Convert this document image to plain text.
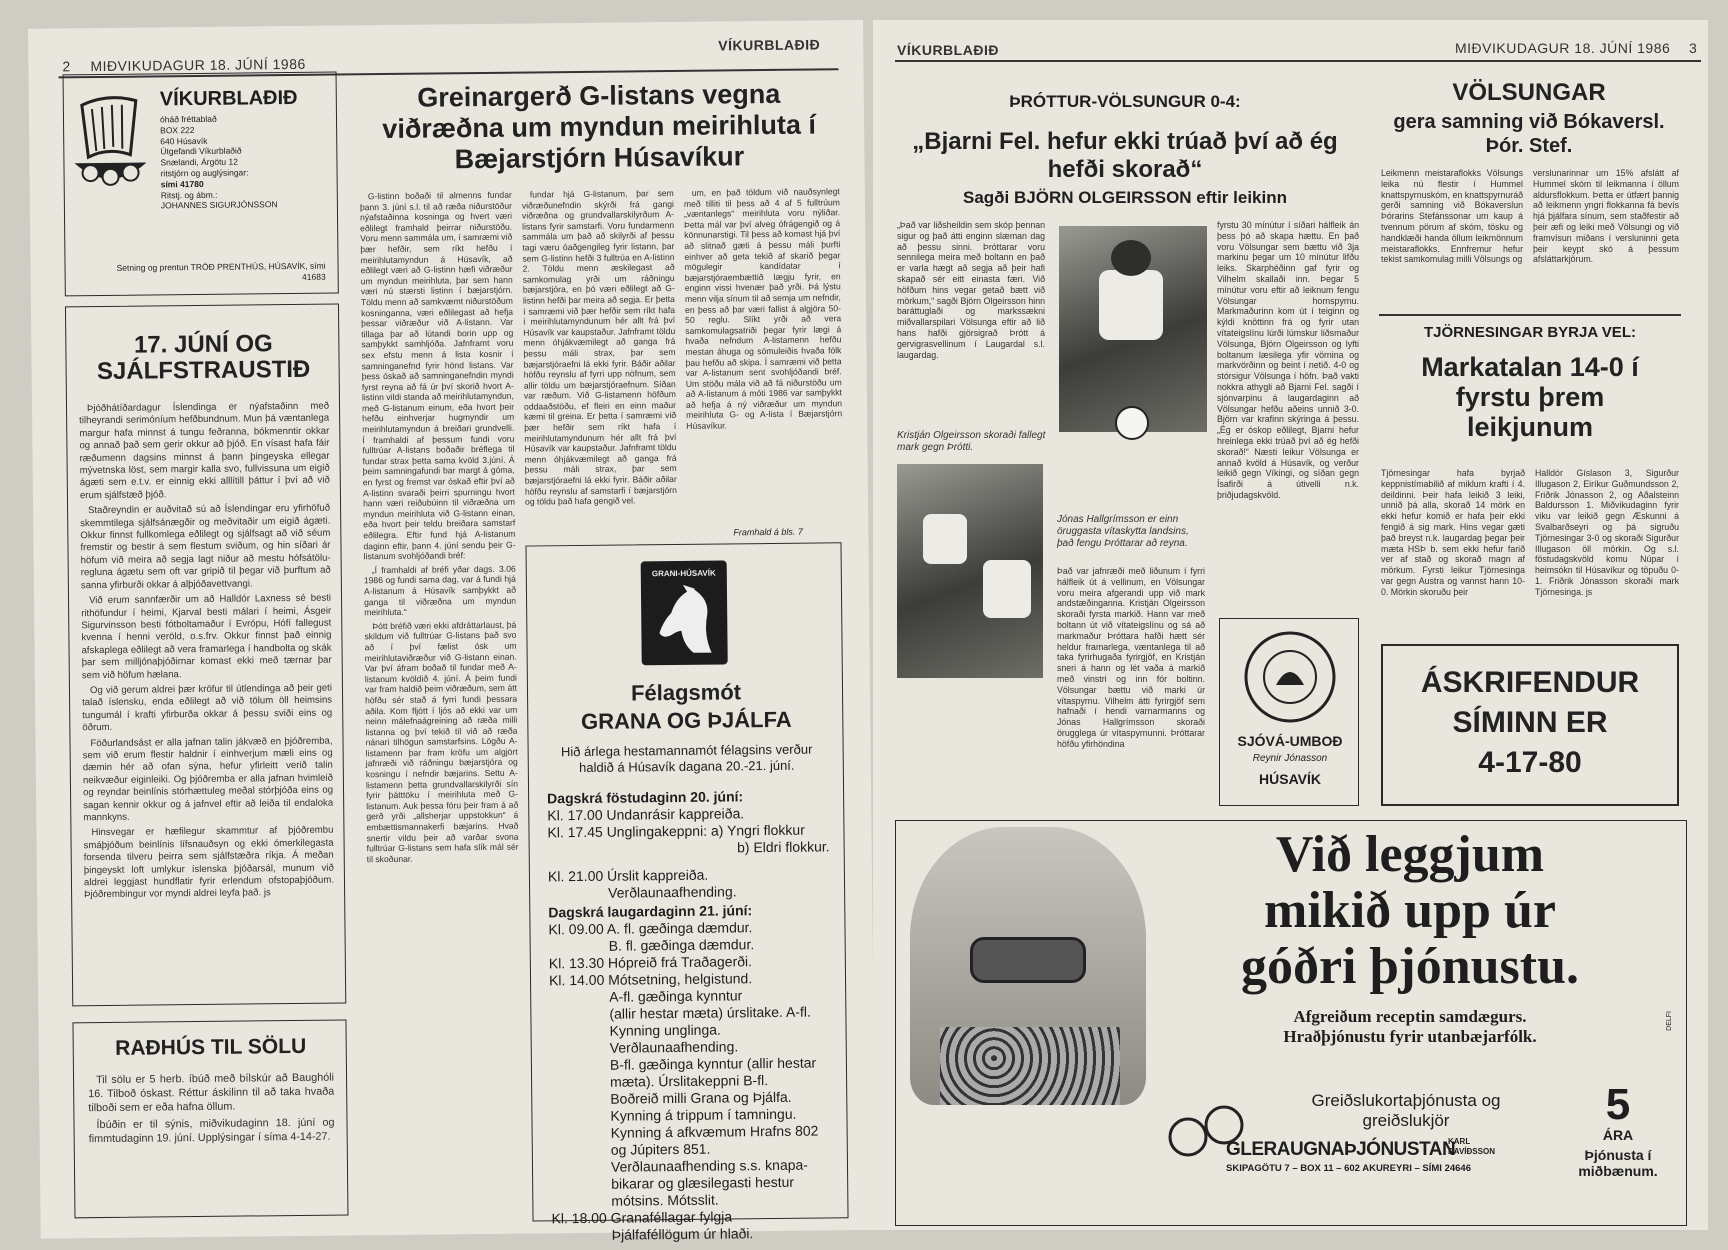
2 MIÐVIKUDAGUR 18. JÚNÍ 1986
VÍKURBLAÐIÐ
VÍKURBLAÐIÐ
óháð fréttablað
BOX 222
640 Húsavík
Útgefandi Víkurblaðið
Snælandi, Árgötu 12
ritstjórn og auglýsingar:
sími 41780
Ritstj. og ábm.:
JOHANNES SIGURJÓNSSON
Setning og prentun TRÖÐ PRENTHÚS, HÚSAVÍK, sími 41683
17. JÚNÍ OG SJÁLFSTRAUSTIÐ

Þjóðhátíðardagur Íslendinga er nýafstaðinn með tilheyrandi serimóníum hefðbundnum. Mun þá væntanlega margur hafa minnst á tungu feðranna, bókmenntir okkar og annað það sem gerir okkur að þjóð. En vísast hafa fáir ræðumenn dagsins minnst á þann þingeyska ellegar mývetnska löst, sem margir kalla svo, fullvissuna um eigið ágæti sem e.t.v. er einnig ekki alllítill þáttur í því að við erum sjálfstæð þjóð.

Staðreyndin er auðvitað sú að Íslendingar eru yfirhöfuð skemmtilega sjálfsánægðir og meðvitaðir um eigið ágæti. Okkur finnst fullkomlega eðlilegt og sjálfsagt að við séum fremstir og bestir á sem flestum sviðum, og hin síðari ár höfum við meira að segja lagt niður að mestu hófsátölu-regluna ágætu sem oft var gripið til þegar við þurftum að sanna yfirburði okkar á alþjóðavettvangi.

Við erum sannfærðir um að Halldór Laxness sé besti rithöfundur í heimi, Kjarval besti málari í heimi, Ásgeir Sigurvinsson besti fótboltamaður í Evrópu, Hófí fallegust kvenna í henni veröld, o.s.frv. Okkur finnst það einnig afskaplega eðlilegt að vera framarlega í handbolta og skák þar sem milljónaþjóðirnar komast ekki með tærnar þar sem við höfum hælana.

Og við gerum aldrei þær kröfur til útlendinga að þeir geti talað íslensku, enda eðlilegt að við tölum öll heimsins tungumál í krafti yfirburða okkar á þessu sviði eins og öðrum.

Föðurlandsást er alla jafnan talin jákvæð en þjóðremba, sem við erum flestir haldnir í einhverjum mæli eins og dæmin hér að ofan sýna, hefur yfirleitt verið talin neikvæður eiginleiki. Og þjóðremba er alla jafnan hvimleið og reyndar beinlínis stórhættuleg meðal stórþjóða eins og sagan kennir okkur og á jafnvel eftir að leiða til endaloka mannkyns.

Hinsvegar er hæfilegur skammtur af þjóðrembu smáþjóðum beinlínis lífsnauðsyn og ekki ómerkilegasta forsenda tilveru þeirra sem sjálfstæðra ríkja. Á meðan þingeyskt loft umlykur íslenska þjóðarsál, munum við aldrei leggjast hundflatir fyrir erlendum ofstopaþjóðum. Þjóðrembingur vor myndi aldrei leyfa það. js

RAÐHÚS TIL SÖLU

Til sölu er 5 herb. íbúð með bílskúr að Baughóli 16. Tilboð óskast. Réttur áskilinn til að taka hvaða tilboði sem er eða hafna öllum.

Íbúðin er til sýnis, miðvikudaginn 18. júní og fimmtudaginn 19. júní. Upplýsingar í síma 4-14-27.

Greinargerð G-listans vegna viðræðna um myndun meirihluta í Bæjarstjórn Húsavíkur

G-listinn boðaði til almenns fundar þann 3. júní s.l. til að ræða niðurstöður nýafstaðinna kosninga og hvert væri eðlilegt framhald þeirrar niðurstöðu. Voru menn sammála um, í samræmi við þær hefðir, sem ríkt hefðu í meirihlutamyndun á Húsavík, að eðlilegt væri að G-listinn hæfi viðræður um myndun meirihluta, þar sem hann væri nú stærsti listinn í bæjarstjórn. Töldu menn að samkvæmt niðurstöðum kosninganna, væri eðlilegast að hefja þessar viðræður við A-listann. Var tillaga þar að lútandi borin upp og samþykkt samhljóða. Jafnframt voru sex efstu menn á lista kosnir í samninganefnd fyrir hönd listans. Var þess óskað að samninganefndin myndi fyrst reyna að fá úr því skorið hvort A-listinn vildi standa að meirihlutamyndun, með G-listanum einum, eða hvort þeir hefðu einhverjar hugmyndir um meirihlutamyndun á breiðari grundvelli. Í framhaldi af þessum fundi voru fulltrúar A-listans boðaðir bréflega til fundar strax þetta sama kvöld 3.júní. Á þeim samningafundi bar margt á góma, en fyrst og fremst var óskað eftir því að A-listinn svaraði þeirri spurningu hvort hann væri reiðubúinn til viðræðna um myndun meirihluta við G-listann einan, eða hvort þeir teldu breiðara samstarf eðlilegra. Eftir fund hjá A-listanum daginn eftir, þann 4. júní sendu þeir G-listanum svohljóðandi bréf:

„Í framhaldi af bréfi yðar dags. 3.06 1986 og fundi sama dag, var á fundi hjá A-listanum á Húsavík samþykkt að ganga til viðræðna um myndun meirihluta.“

Þótt bréfið væri ekki afdráttarlaust, þá skildum við fulltrúar G-listans það svo að í því fælist ósk um meirihlutaviðræður við G-listann einan. Var því áfram boðað til fundar með A-listanum kvöldið 4. júní. Á þeim fundi var fram haldið þeim viðræðum, sem átt höfðu sér stað á fyrri fundi þessara aðila. Kom fljótt í ljós að ekki var um neinn málefnaágreining að ræða milli listanna og því tekið til við að ræða nánari tilhögun samstarfsins. Lögðu A-listamenn þar fram kröfu um algjört jafnræði við ráðningu bæjarstjóra og kosningu í nefndir bæjarins. Settu A-listamenn þetta grundvallarskilyrði sín fyrir þátttöku í meirihluta með G-listanum. Auk þessa fóru þeir fram á að gerð yrði „allsherjar uppstokkun“ á embættismannakerfi bæjarins. Hvað snertir vildu þeir að varðar svona fulltrúar G-listans sem hafa slík mál sér til skoðunar.

fundar hjá G-listanum, þar sem viðræðunefndin skýrði frá gangi viðræðna og grundvallarskilyrðum A-listans fyrir samstarfi. Voru fundarmenn sammála um það að skilyrði af þessu tagi væru óaðgengileg fyrir listann, þar sem G-listinn hefði 3 fulltrúa en A-listinn 2. Töldu menn æskilegast að samkomulag yrði um ráðningu bæjarstjóra, en þó væri eðlilegt að G-listinn hefði þar meira að segja. Er þetta í samræmi við þær hefðir sem ríkt hafa í meirihlutamyndunum hér allt frá því Húsavík var kaupstaður. Jafnframt töldu menn óhjákvæmilegt að ganga frá þessu máli strax, þar sem bæjarstjóraefni lá ekki fyrir. Báðir aðilar höfðu reynslu af fyrri upp nöfnum, sem allir töldu um bæjarstjóraefnum. Síðan var ræðum. Við G-listamenn höfðum oddaaðstöðu, ef fleiri en einn maður kæmi til greina. Er þetta í samræmi við þær hefðir sem ríkt hafa í meirihlutamyndunum hér allt frá því Húsavík var kaupstaður. Jafnframt töldu menn óhjákvæmilegt að ganga frá þessu máli strax, þar sem bæjarstjóraefni lá ekki fyrir. Báðir aðilar höfðu reynslu af samstarfi í bæjarstjórn og töldu það hafa gengið vel.

um, en það töldum við nauðsynlegt með tilliti til þess að 4 af 5 fulltrúum „væntanlegs“ meirihluta voru nýliðar. Þetta mál var því alveg ófrágengið og á könnunarstigi. Til þess að komast hjá því að slitnað gæti á þessu máli þurfti einhver að geta tekið af skarið þegar mögulegir kandídatar í bæjarstjóraembættið lægju fyrir, en enginn vissi hvenær það yrði. Þá lýstu menn vilja sínum til að semja um nefndir, en þess að þar væri fallist á algjöra 50-50 reglu. Slíkt yrði að vera samkomulagsatriði þegar fyrir lægi á hvaða nefndum A-listamenn hefðu mestan áhuga og sömuleiðis hvaða fólk þau hefðu að skipa. Í samræmi við þetta var A-listanum sent svohljóðandi bréf. Um stöðu mála við að fá niðurstöðu um að A-listanum á móti 1986 var samþykkt að hefja á ný viðræður um myndun meirihluta G- og A-lista í Bæjarstjórn Húsavíkur.

Framhald á bls. 7
GRANI-HÚSAVÍK
Félagsmót
GRANA OG ÞJÁLFA
Hið árlega hestamannamót félagsins verður haldið á Húsavík dagana 20.-21. júní.
Dagskrá föstudaginn 20. júní:
Kl. 17.00 Undanrásir kappreiða.
Kl. 17.45 Unglingakeppni: a) Yngri flokkur
b) Eldri flokkur.
Kl. 21.00 Úrslit kappreiða.
Verðlaunaafhending.
Dagskrá laugardaginn 21. júní:
Kl. 09.00 A. fl. gæðinga dæmdur.
B. fl. gæðinga dæmdur.
Kl. 13.30 Hópreið frá Traðagerði.
Kl. 14.00 Mótsetning, helgistund.
A-fl. gæðinga kynntur
(allir hestar mæta) úrslitake. A-fl.
Kynning unglinga.
Verðlaunaafhending.
B-fl. gæðinga kynntur (allir hestar
mæta). Úrslitakeppni B-fl.
Boðreið milli Grana og Þjálfa.
Kynning á trippum í tamningu.
Kynning á afkvæmum Hrafns 802
og Júpiters 851.
Verðlaunaafhending s.s. knapa-
bikarar og glæsilegasti hestur
mótsins. Mótsslit.
Kl. 18.00 Granaféllagar fylgja
Þjálfaféllögum úr hlaði.
VÍKURBLAÐIÐ	MIÐVIKUDAGUR 18. JÚNÍ 1986 3
ÞRÓTTUR-VÖLSUNGUR 0-4:
„Bjarni Fel. hefur ekki trúað því að ég hefði skorað“
Sagði BJÖRN OLGEIRSSON eftir leikinn
„Það var liðsheildin sem skóp þennan sigur og það átti enginn slæman dag að þessu sinni. Þróttarar voru sennilega meira með boltann en það er varla hægt að segja að þeir hafi skapað sér eitt einasta færi. Við höfðum hins vegar getað bætt við mörkum,“ sagði Björn Olgeirsson hinn baráttuglaði og markssækni miðvallarspilari Völsunga eftir að lið hans hafði gjörsigrað Þrótt á gervigrasvellinum í Laugardal s.l. laugardag.
Kristján Olgeirsson skoraði fallegt mark gegn Þrótti.
Jónas Hallgrímsson er einn öruggasta vítaskytta landsins, það fengu Þróttarar að reyna.
Það var jafnræði með liðunum í fyrri hálfleik út á vellinum, en Völsungar voru meira afgerandi upp við mark andstæðinganna. Kristján Olgeirsson skoraði fyrsta markið. Hann var með boltann út við vítateigslínu og sá að markmaður Þróttara hafði hætt sér heldur framarlega, væntanlega til að taka fyrirhugaða fyrirgjöf, en Kristján sneri á hann og lét vaða á markið með vinstri og inn fór boltinn. Völsungar bættu við marki úr vítaspyrnu. Vilhelm átti fyrirgjöf sem hafnaði í hendi varnarmanns og Jónas Hallgrímsson skoraði örugglega úr vítaspyrnunni. Þróttarar höfðu yfirhöndina
fyrstu 30 mínútur í síðari hálfleik án þess þó að skapa hættu. En það voru Völsungar sem bættu við 3ja markinu þegar um 10 mínútur lifðu leiks. Skarphéðinn gaf fyrir og Vilhelm skallaði inn. Þegar 5 mínútur voru eftir að leiknum fengu Völsungar hornspyrnu. Markmaðurinn kom út í teiginn og kýldi knöttinn frá og fyrir utan vítateigslínu lúrði lúmskur liðsmaður Völsunga, Björn Olgeirsson og lyfti boltanum læsilega yfir vörnina og markvörðinn og beint í netið. 4-0 og stórsigur Völsunga í höfn. Það vakti nokkra athygli að Bjarni Fel. sagði í sjónvarpinu á laugardaginn að Völsungar hefðu aðeins unnið 3-0. Björn var krafinn skýringa á þessu. „Ég er óskop eðlilegt, Bjarni hefur hreinlega ekki trúað því að ég hefði skorað!“ Næsti leikur Völsunga er annað kvöld á Húsavík, og verður leikið gegn Víkingi, og síðan gegn Ísafirði á útivelli n.k. þriðjudagskvöld.
SJÓVÁ-UMBOÐ
Reynir Jónasson
HÚSAVÍK
VÖLSUNGAR
gera samning við Bókaversl. Þór. Stef.
Leikmenn meistaraflokks Völsungs leika nú flestir í Hummel knattspyrnuskóm, en knattspyrnuráð gerði samning við Bókaverslun Þórarins Stefánssonar um kaup á tvennum pörum af skóm, tösku og handklæði handa öllum leikmönnum meistaraflokks. Ennfremur hefur tekist samkomulag milli Völsungs og
verslunarinnar um 15% afslátt af Hummel skóm til leikmanna í öllum aldursflokkum. Þetta er útfært þannig að leikmenn yngri flokkanna fá bevís hjá þjálfara sínum, sem staðfestir að þeir æfi og leiki með Völsungi og við framvísun miðans í versluninni geta þeir keypt skó á þessum afsláttarkjörum.
TJÖRNESINGAR BYRJA VEL:
Markatalan 14-0 í fyrstu þrem leikjunum
Tjörnesingar hafa byrjað keppnistímabilið af miklum krafti í 4. deildinni. Þeir hafa leikið 3 leiki, unnið þá alla, skorað 14 mörk en ekki hefur komið er hafa þeir ekki fengið á sig mark. Hins vegar gæti það breyst n.k. laugardag þegar þeir mæta HSÞ b. sem ekki hefur farið ver af stað og skorað magn af mörkum. Fyrsti leikur Tjörnesinga var gegn Austra og vannst hann 10-0. Mörkin skoruðu þeir
Halldór Gíslason 3, Sigurður Illugason 2, Eiríkur Guðmundsson 2, Friðrik Jónasson 2, og Aðalsteinn Baldursson 1. Miðvikudaginn fyrir viku var leikið gegn Æskunni á Svalbarðseyri og þá sigruðu Tjörnesingar 3-0 og skoraði Sigurður Illugason öll mörkin. Og s.l. föstudagskvöld komu Núpar í heimsókn til Húsavíkur og töpuðu 0-1. Friðrik Jónasson skoraði mark Tjörnesinga. js
ÁSKRIFENDUR
SÍMINN ER
4-17-80
Við leggjum
mikið upp úr
góðri þjónustu.
Afgreiðum receptin samdægurs.
Hraðþjónustu fyrir utanbæjarfólk.
Greiðslukortaþjónusta og
greiðslukjör
GLERAUGNAÞJÓNUSTAN
KARL
DAVÍÐSSON
SKIPAGÖTU 7 – BOX 11 – 602 AKUREYRI – SÍMI 24646
5
ÁRA
Þjónusta í
miðbænum.
DELFI
